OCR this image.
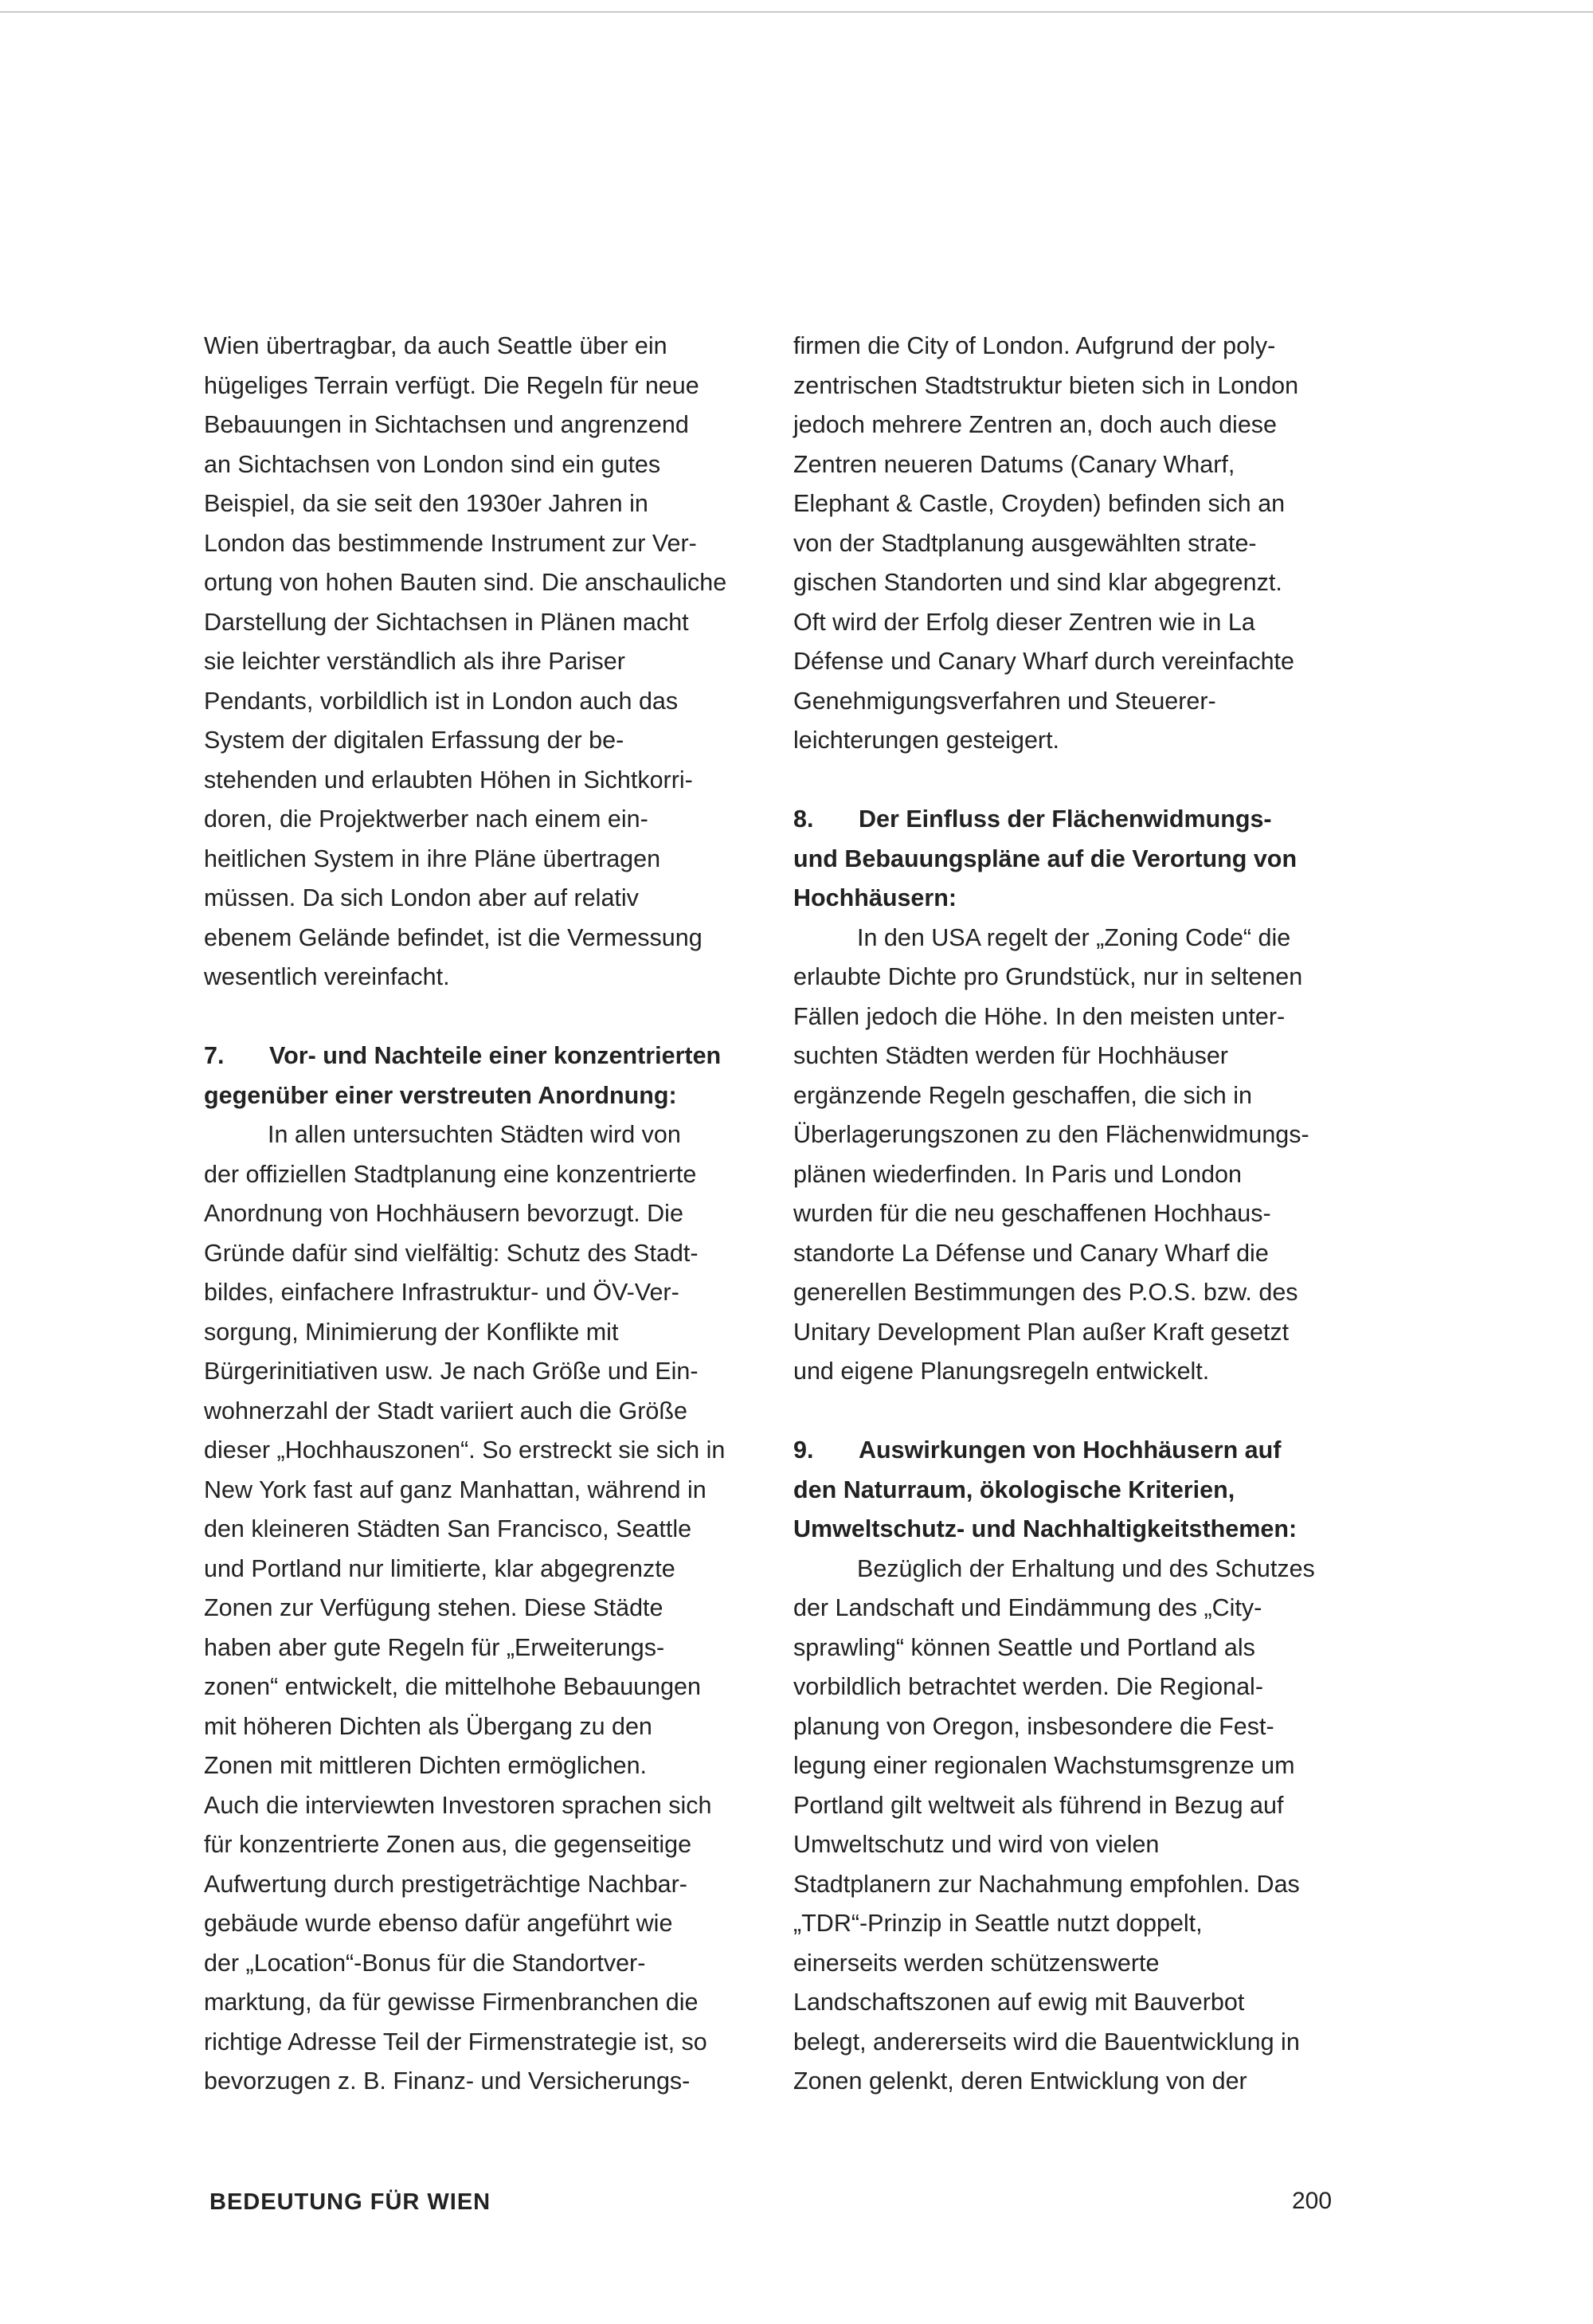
Wien übertragbar, da auch Seattle über ein
hügeliges Terrain verfügt. Die Regeln für neue
Bebauungen in Sichtachsen und angrenzend
an Sichtachsen von London sind ein gutes
Beispiel, da sie seit den 1930er Jahren in
London das bestimmende Instrument zur Ver-
ortung von hohen Bauten sind. Die anschauliche
Darstellung der Sichtachsen in Plänen macht
sie leichter verständlich als ihre Pariser
Pendants, vorbildlich ist in London auch das
System der digitalen Erfassung der be-
stehenden und erlaubten Höhen in Sichtkorri-
doren, die Projektwerber nach einem ein-
heitlichen System in ihre Pläne übertragen
müssen. Da sich London aber auf relativ
ebenem Gelände befindet, ist die Vermessung
wesentlich vereinfacht.
7. Vor- und Nachteile einer konzentrierten
gegenüber einer verstreuten Anordnung:
In allen untersuchten Städten wird von
der offiziellen Stadtplanung eine konzentrierte
Anordnung von Hochhäusern bevorzugt. Die
Gründe dafür sind vielfältig: Schutz des Stadt-
bildes, einfachere Infrastruktur- und ÖV-Ver-
sorgung, Minimierung der Konflikte mit
Bürgerinitiativen usw. Je nach Größe und Ein-
wohnerzahl der Stadt variiert auch die Größe
dieser „Hochhauszonen“. So erstreckt sie sich in
New York fast auf ganz Manhattan, während in
den kleineren Städten San Francisco, Seattle
und Portland nur limitierte, klar abgegrenzte
Zonen zur Verfügung stehen. Diese Städte
haben aber gute Regeln für „Erweiterungs-
zonen“ entwickelt, die mittelhohe Bebauungen
mit höheren Dichten als Übergang zu den
Zonen mit mittleren Dichten ermöglichen.
Auch die interviewten Investoren sprachen sich
für konzentrierte Zonen aus, die gegenseitige
Aufwertung durch prestigeträchtige Nachbar-
gebäude wurde ebenso dafür angeführt wie
der „Location“-Bonus für die Standortver-
marktung, da für gewisse Firmenbranchen die
richtige Adresse Teil der Firmenstrategie ist, so
bevorzugen z. B. Finanz- und Versicherungs-
firmen die City of London. Aufgrund der poly-
zentrischen Stadtstruktur bieten sich in London
jedoch mehrere Zentren an, doch auch diese
Zentren neueren Datums (Canary Wharf,
Elephant & Castle, Croyden) befinden sich an
von der Stadtplanung ausgewählten strate-
gischen Standorten und sind klar abgegrenzt.
Oft wird der Erfolg dieser Zentren wie in La
Défense und Canary Wharf durch vereinfachte
Genehmigungsverfahren und Steuerer-
leichterungen gesteigert.
8. Der Einfluss der Flächenwidmungs-
und Bebauungspläne auf die Verortung von
Hochhäusern:
In den USA regelt der „Zoning Code“ die
erlaubte Dichte pro Grundstück, nur in seltenen
Fällen jedoch die Höhe. In den meisten unter-
suchten Städten werden für Hochhäuser
ergänzende Regeln geschaffen, die sich in
Überlagerungszonen zu den Flächenwidmungs-
plänen wiederfinden. In Paris und London
wurden für die neu geschaffenen Hochhaus-
standorte La Défense und Canary Wharf die
generellen Bestimmungen des P.O.S. bzw. des
Unitary Development Plan außer Kraft gesetzt
und eigene Planungsregeln entwickelt.
9. Auswirkungen von Hochhäusern auf
den Naturraum, ökologische Kriterien,
Umweltschutz- und Nachhaltigkeitsthemen:
Bezüglich der Erhaltung und des Schutzes
der Landschaft und Eindämmung des „City-
sprawling“ können Seattle und Portland als
vorbildlich betrachtet werden. Die Regional-
planung von Oregon, insbesondere die Fest-
legung einer regionalen Wachstumsgrenze um
Portland gilt weltweit als führend in Bezug auf
Umweltschutz und wird von vielen
Stadtplanern zur Nachahmung empfohlen. Das
„TDR“-Prinzip in Seattle nutzt doppelt,
einerseits werden schützenswerte
Landschaftszonen auf ewig mit Bauverbot
belegt, andererseits wird die Bauentwicklung in
Zonen gelenkt, deren Entwicklung von der
BEDEUTUNG FÜR WIEN	200
